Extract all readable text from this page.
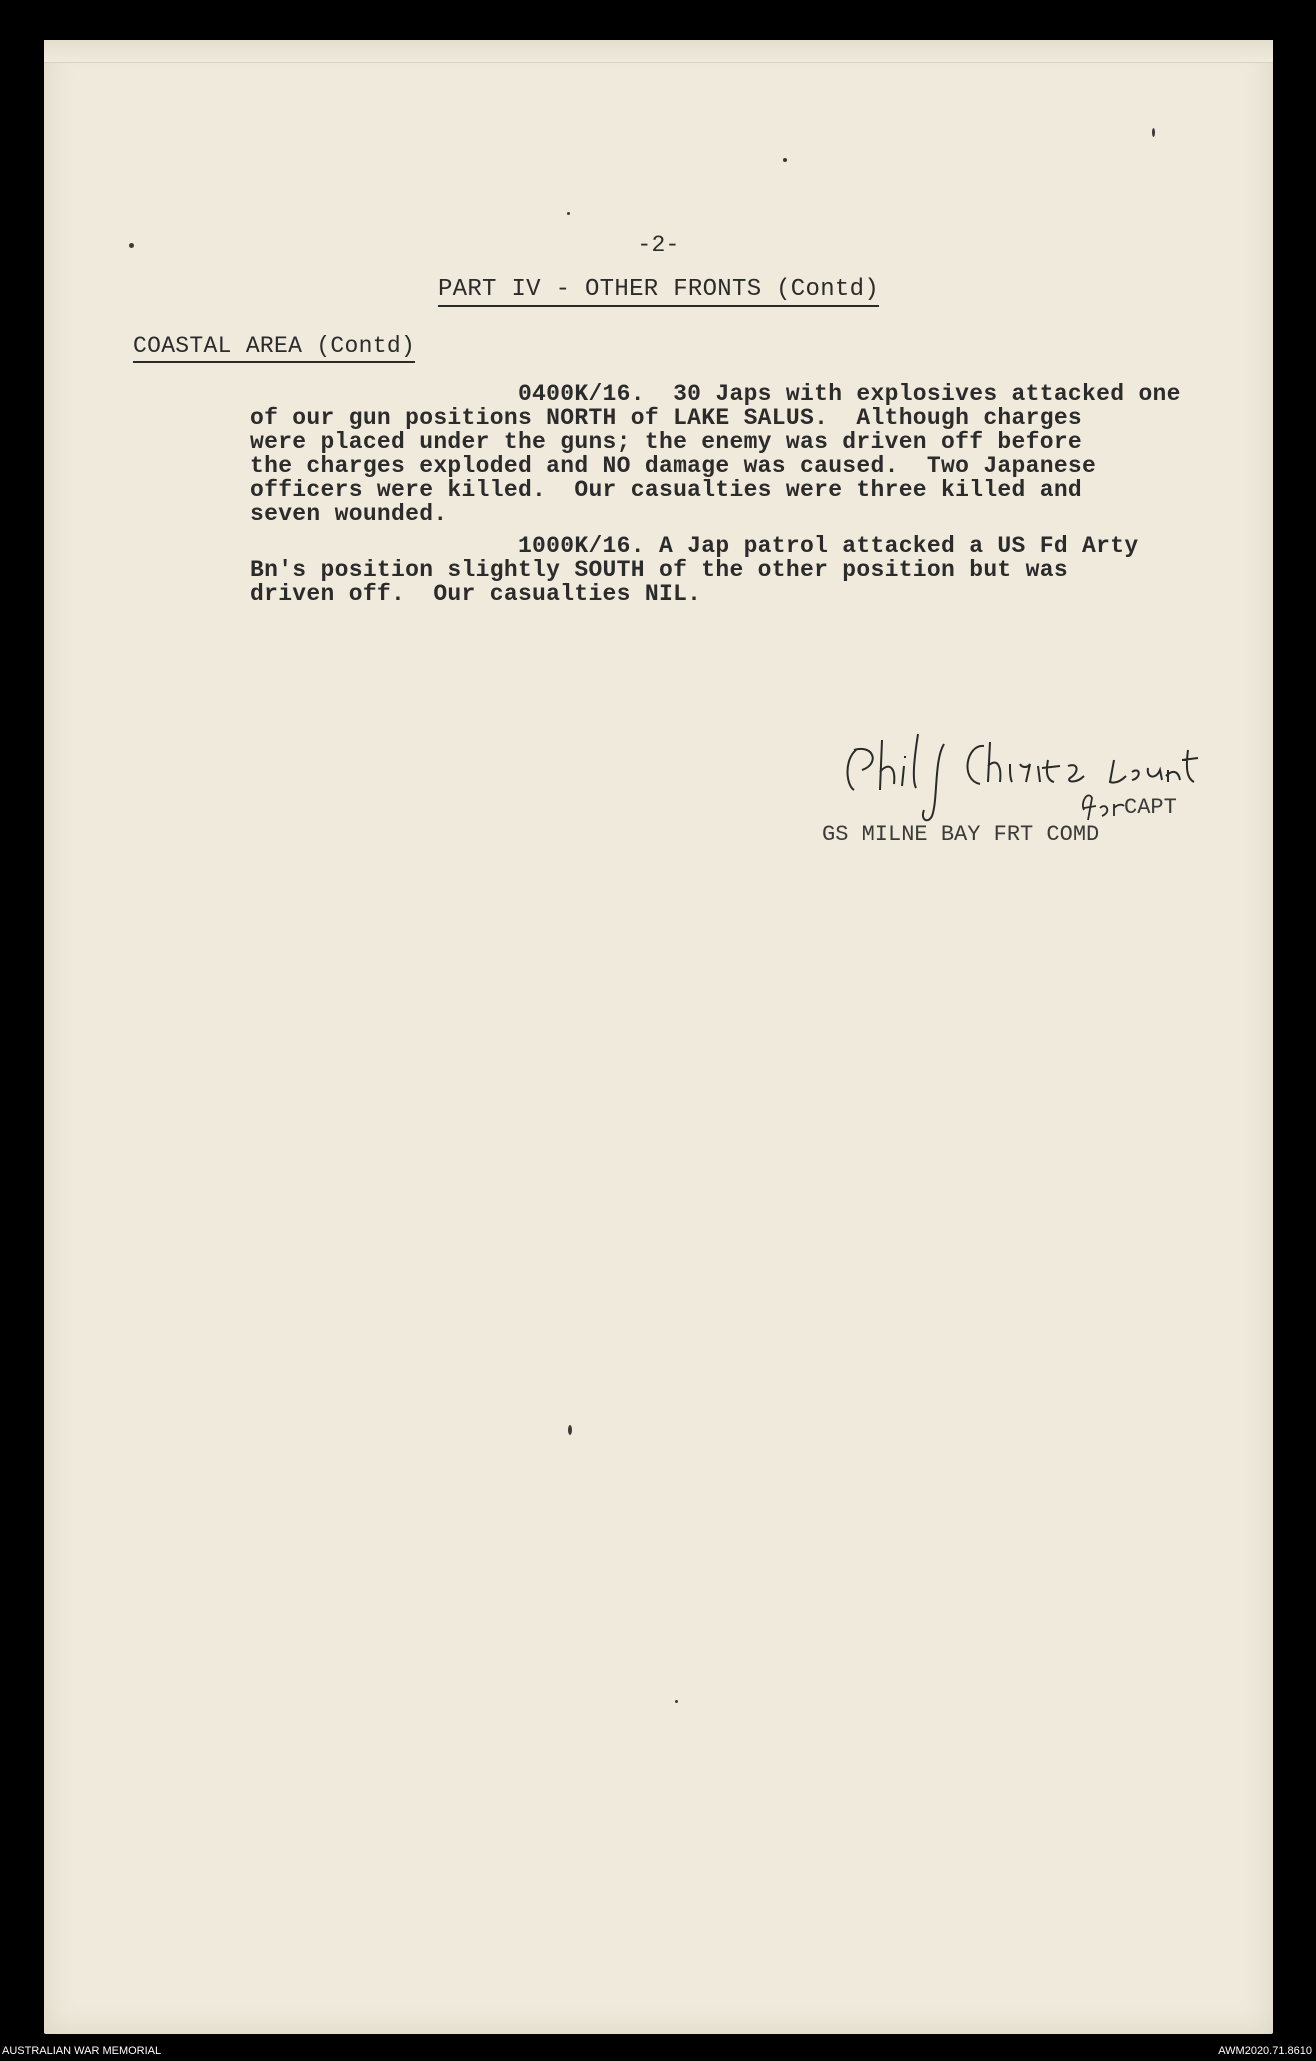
-2-
PART IV - OTHER FRONTS (Contd)
COASTAL AREA (Contd)
0400K/16.  30 Japs with explosives attacked one
of our gun positions NORTH of LAKE SALUS.  Although charges
were placed under the guns; the enemy was driven off before
the charges exploded and NO damage was caused.  Two Japanese
officers were killed.  Our casualties were three killed and
seven wounded.
1000K/16. A Jap patrol attacked a US Fd Arty
Bn's position slightly SOUTH of the other position but was
driven off.  Our casualties NIL.
CAPT
GS MILNE BAY FRT COMD
AUSTRALIAN WAR MEMORIAL	AWM2020.71.8610
